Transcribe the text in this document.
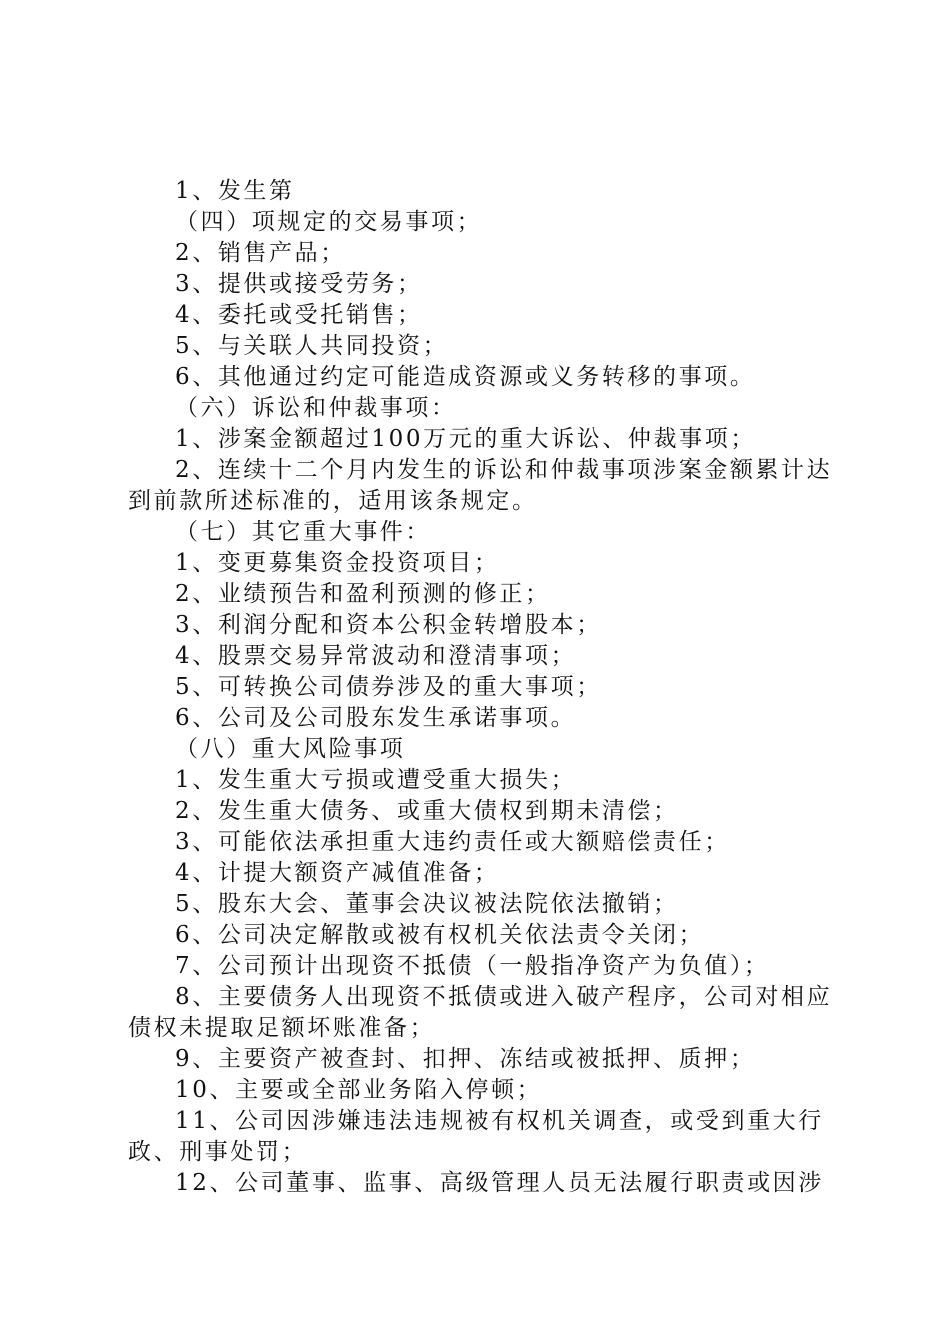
1、发生第

（四）项规定的交易事项；

2、销售产品；

3、提供或接受劳务；

4、委托或受托销售；

5、与关联人共同投资；

6、其他通过约定可能造成资源或义务转移的事项。

（六）诉讼和仲裁事项：

1、涉案金额超过100万元的重大诉讼、仲裁事项；

2、连续十二个月内发生的诉讼和仲裁事项涉案金额累计达到前款所述标准的，适用该条规定。

（七）其它重大事件：

1、变更募集资金投资项目；

2、业绩预告和盈利预测的修正；

3、利润分配和资本公积金转增股本；

4、股票交易异常波动和澄清事项；

5、可转换公司债券涉及的重大事项；

6、公司及公司股东发生承诺事项。

（八）重大风险事项

1、发生重大亏损或遭受重大损失；

2、发生重大债务、或重大债权到期未清偿；

3、可能依法承担重大违约责任或大额赔偿责任；

4、计提大额资产减值准备；

5、股东大会、董事会决议被法院依法撤销；

6、公司决定解散或被有权机关依法责令关闭；

7、公司预计出现资不抵债（一般指净资产为负值）；

8、主要债务人出现资不抵债或进入破产程序，公司对相应债权未提取足额坏账准备；

9、主要资产被查封、扣押、冻结或被抵押、质押；

10、主要或全部业务陷入停顿；

11、公司因涉嫌违法违规被有权机关调查，或受到重大行政、刑事处罚；

12、公司董事、监事、高级管理人员无法履行职责或因涉
